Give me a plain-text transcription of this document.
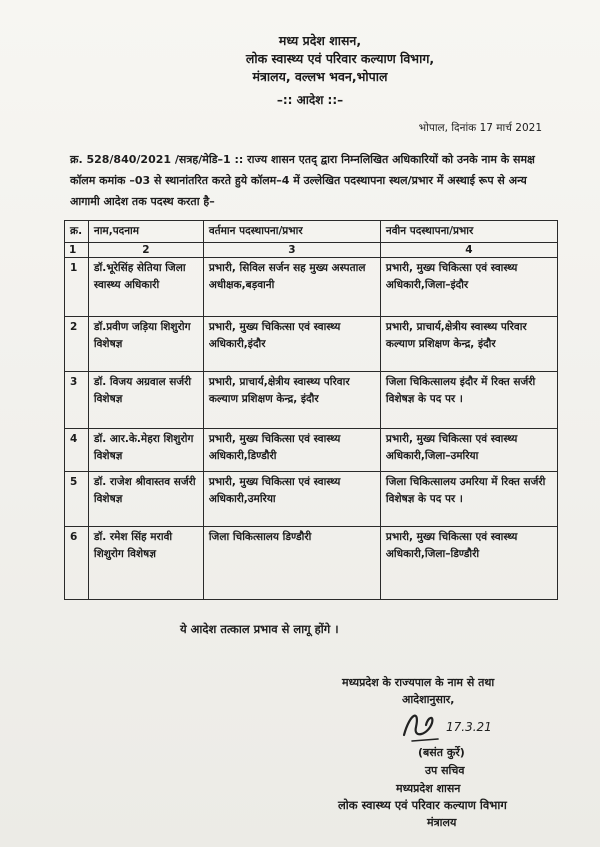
मध्य प्रदेश शासन,
लोक स्वास्थ्य एवं परिवार कल्याण विभाग,
मंत्रालय, वल्लभ भवन,भोपाल
–:: आदेश ::–
भोपाल, दिनांक 17 मार्च 2021
क्र. 528/840/2021 /सत्रह/मेडि–1 :: राज्य शासन एतद् द्वारा निम्नलिखित अधिकारियों को उनके नाम के समक्ष कॉलम कमांक –03 से स्थानांतरित करते हुये कॉलम–4 में उल्लेखित पदस्थापना स्थल/प्रभार में अस्थाई रूप से अन्य आगामी आदेश तक पदस्थ करता है–
क्र.	नाम,पदनाम	वर्तमान पदस्थापना/प्रभार	नवीन पदस्थापना/प्रभार
1	2	3	4
1	डॉ.भूरेसिंह सेतिया जिला स्वास्थ्य अधिकारी	प्रभारी, सिविल सर्जन सह मुख्य अस्पताल अधीक्षक,बड़वानी	प्रभारी, मुख्य चिकित्सा एवं स्वास्थ्य अधिकारी,जिला–इंदौर
2	डॉ.प्रवीण जड़िया शिशुरोग विशेषज्ञ	प्रभारी, मुख्य चिकित्सा एवं स्वास्थ्य अधिकारी,इंदौर	प्रभारी, प्राचार्य,क्षेत्रीय स्वास्थ्य परिवार कल्याण प्रशिक्षण केन्द्र, इंदौर
3	डॉ. विजय अग्रवाल सर्जरी विशेषज्ञ	प्रभारी, प्राचार्य,क्षेत्रीय स्वास्थ्य परिवार कल्याण प्रशिक्षण केन्द्र, इंदौर	जिला चिकित्सालय इंदौर में रिक्त सर्जरी विशेषज्ञ के पद पर ।
4	डॉ. आर.के.मेहरा शिशुरोग विशेषज्ञ	प्रभारी, मुख्य चिकित्सा एवं स्वास्थ्य अधिकारी,डिण्डौरी	प्रभारी, मुख्य चिकित्सा एवं स्वास्थ्य अधिकारी,जिला–उमरिया
5	डॉ. राजेश श्रीवास्तव सर्जरी विशेषज्ञ	प्रभारी, मुख्य चिकित्सा एवं स्वास्थ्य अधिकारी,उमरिया	जिला चिकित्सालय उमरिया में रिक्त सर्जरी विशेषज्ञ के पद पर ।
6	डॉ. रमेश सिंह मरावी शिशुरोग विशेषज्ञ	जिला चिकित्सालय डिण्डौरी	प्रभारी, मुख्य चिकित्सा एवं स्वास्थ्य अधिकारी,जिला–डिण्डौरी
ये आदेश तत्काल प्रभाव से लागू होंगे ।
मध्यप्रदेश के राज्यपाल के नाम से तथा
आदेशानुसार,
17.3.21
(बसंत कुर्रे)
उप सचिव
मध्यप्रदेश शासन
लोक स्वास्थ्य एवं परिवार कल्याण विभाग
मंत्रालय
